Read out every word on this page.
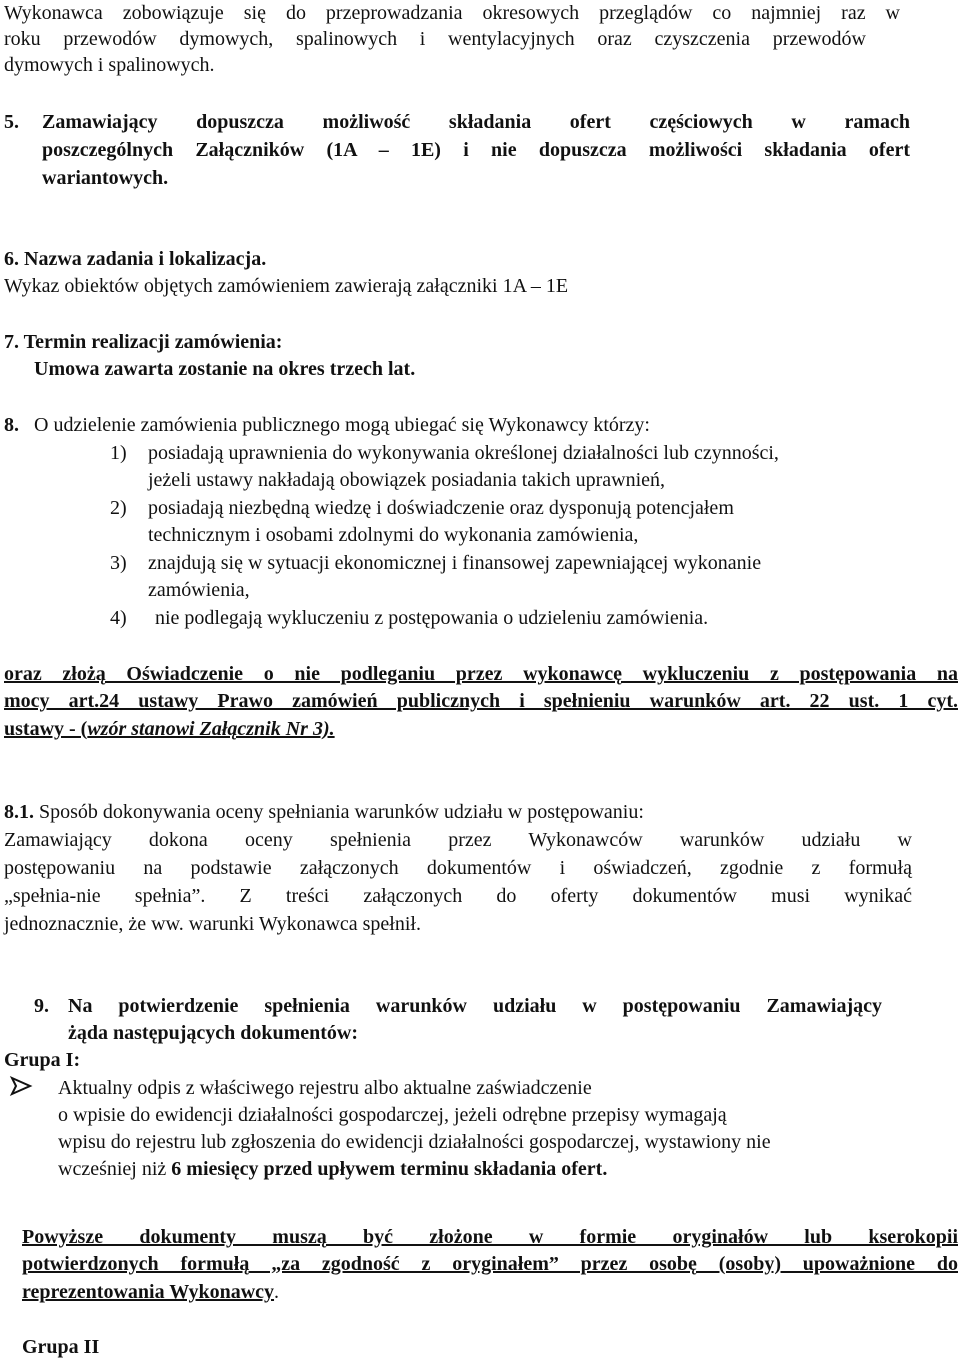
Wykonawca zobowiązuje się do przeprowadzania okresowych przeglądów co najmniej raz w
roku przewodów dymowych, spalinowych i wentylacyjnych oraz czyszczenia przewodów
dymowych i spalinowych.
5. Zamawiający dopuszcza możliwość składania ofert częściowych w ramach
poszczególnych Załączników (1A – 1E) i nie dopuszcza możliwości składania ofert
wariantowych.
6. Nazwa zadania i lokalizacja.
Wykaz obiektów objętych zamówieniem zawierają załączniki 1A – 1E
7. Termin realizacji zamówienia:
Umowa zawarta zostanie na okres trzech lat.
8. O udzielenie zamówienia publicznego mogą ubiegać się Wykonawcy którzy:
1) posiadają uprawnienia do wykonywania określonej działalności lub czynności,
jeżeli ustawy nakładają obowiązek posiadania takich uprawnień,
2) posiadają niezbędną wiedzę i doświadczenie oraz dysponują potencjałem
technicznym i osobami zdolnymi do wykonania zamówienia,
3) znajdują się w sytuacji ekonomicznej i finansowej zapewniającej wykonanie
zamówienia,
4) nie podlegają wykluczeniu z postępowania o udzieleniu zamówienia.
oraz złożą Oświadczenie o nie podleganiu przez wykonawcę wykluczeniu z postępowania na
mocy art.24 ustawy Prawo zamówień publicznych i spełnieniu warunków art. 22 ust. 1 cyt.
ustawy - (wzór stanowi Załącznik Nr 3).
8.1. Sposób dokonywania oceny spełniania warunków udziału w postępowaniu:
Zamawiający dokona oceny spełnienia przez Wykonawców warunków udziału w
postępowaniu na podstawie załączonych dokumentów i oświadczeń, zgodnie z formułą
„spełnia-nie spełnia”. Z treści załączonych do oferty dokumentów musi wynikać
jednoznacznie, że ww. warunki Wykonawca spełnił.
9. Na potwierdzenie spełnienia warunków udziału w postępowaniu Zamawiający
żąda następujących dokumentów:
Grupa I:
Aktualny odpis z właściwego rejestru albo aktualne zaświadczenie
o wpisie do ewidencji działalności gospodarczej, jeżeli odrębne przepisy wymagają
wpisu do rejestru lub zgłoszenia do ewidencji działalności gospodarczej, wystawiony nie
wcześniej niż 6 miesięcy przed upływem terminu składania ofert.
Powyższe dokumenty muszą być złożone w formie oryginałów lub kserokopii
potwierdzonych formułą „za zgodność z oryginałem” przez osobę (osoby) upoważnione do
reprezentowania Wykonawcy.
Grupa II
